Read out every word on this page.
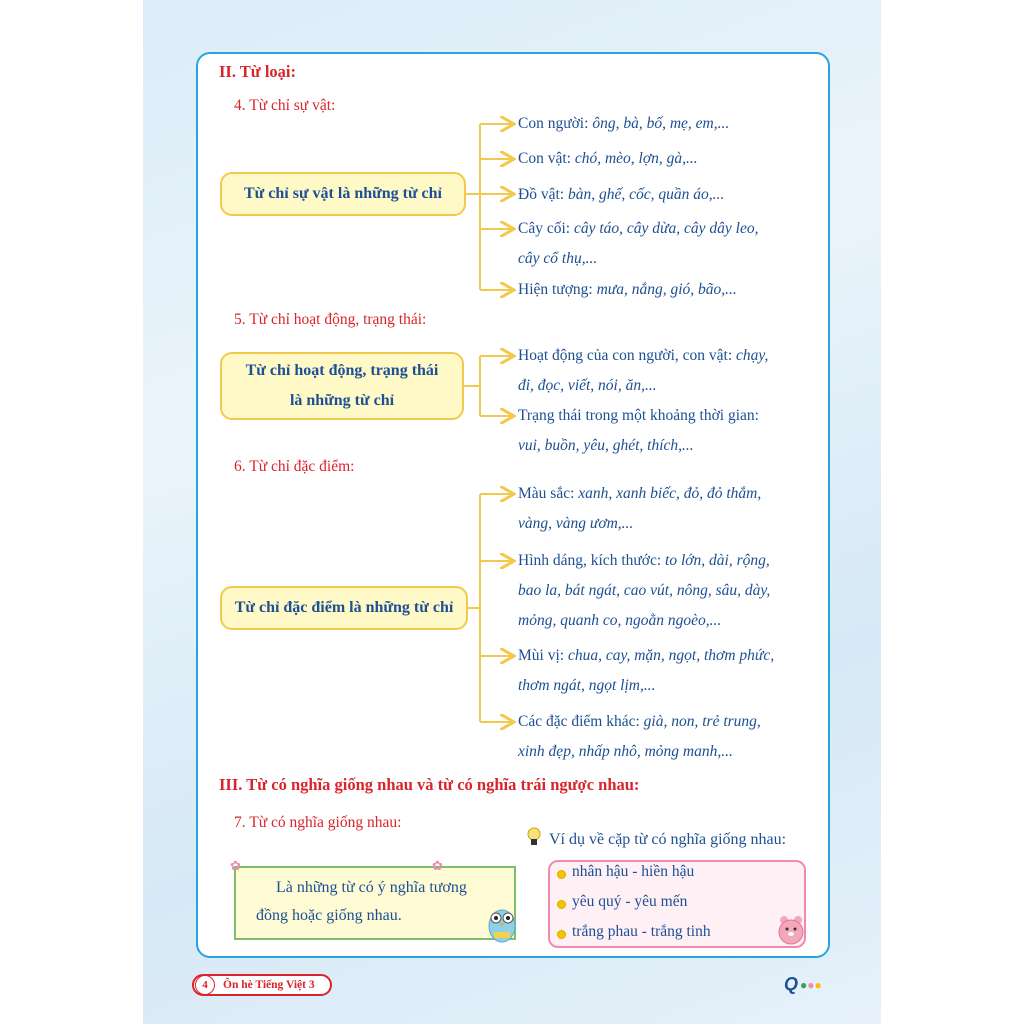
II. Từ loại:
4. Từ chỉ sự vật:
Từ chỉ sự vật là những từ chỉ
Con người: ông, bà, bố, mẹ, em,...
Con vật: chó, mèo, lợn, gà,...
Đồ vật: bàn, ghế, cốc, quần áo,...
Cây cối: cây táo, cây dừa, cây dây leo,
cây cổ thụ,...
Hiện tượng: mưa, nắng, gió, bão,...
5. Từ chỉ hoạt động, trạng thái:
Từ chỉ hoạt động, trạng thái
là những từ chỉ
Hoạt động của con người, con vật: chạy,
đi, đọc, viết, nói, ăn,...
Trạng thái trong một khoảng thời gian:
vui, buồn, yêu, ghét, thích,...
6. Từ chỉ đặc điểm:
Từ chỉ đặc điểm là những từ chỉ
Màu sắc: xanh, xanh biếc, đỏ, đỏ thắm,
vàng, vàng ươm,...
Hình dáng, kích thước: to lớn, dài, rộng,
bao la, bát ngát, cao vút, nông, sâu, dày,
mỏng, quanh co, ngoằn ngoèo,...
Mùi vị: chua, cay, mặn, ngọt, thơm phức,
thơm ngát, ngọt lịm,...
Các đặc điểm khác: già, non, trẻ trung,
xinh đẹp, nhấp nhô, mỏng manh,...
III. Từ có nghĩa giống nhau và từ có nghĩa trái ngược nhau:
7. Từ có nghĩa giống nhau:
Là những từ có ý nghĩa tương
đồng hoặc giống nhau.
✿	✿
Ví dụ về cặp từ có nghĩa giống nhau:
nhân hậu - hiền hậu
yêu quý - yêu mến
trắng phau - trắng tinh
4	Ôn hè Tiếng Việt 3	Q ●●●
